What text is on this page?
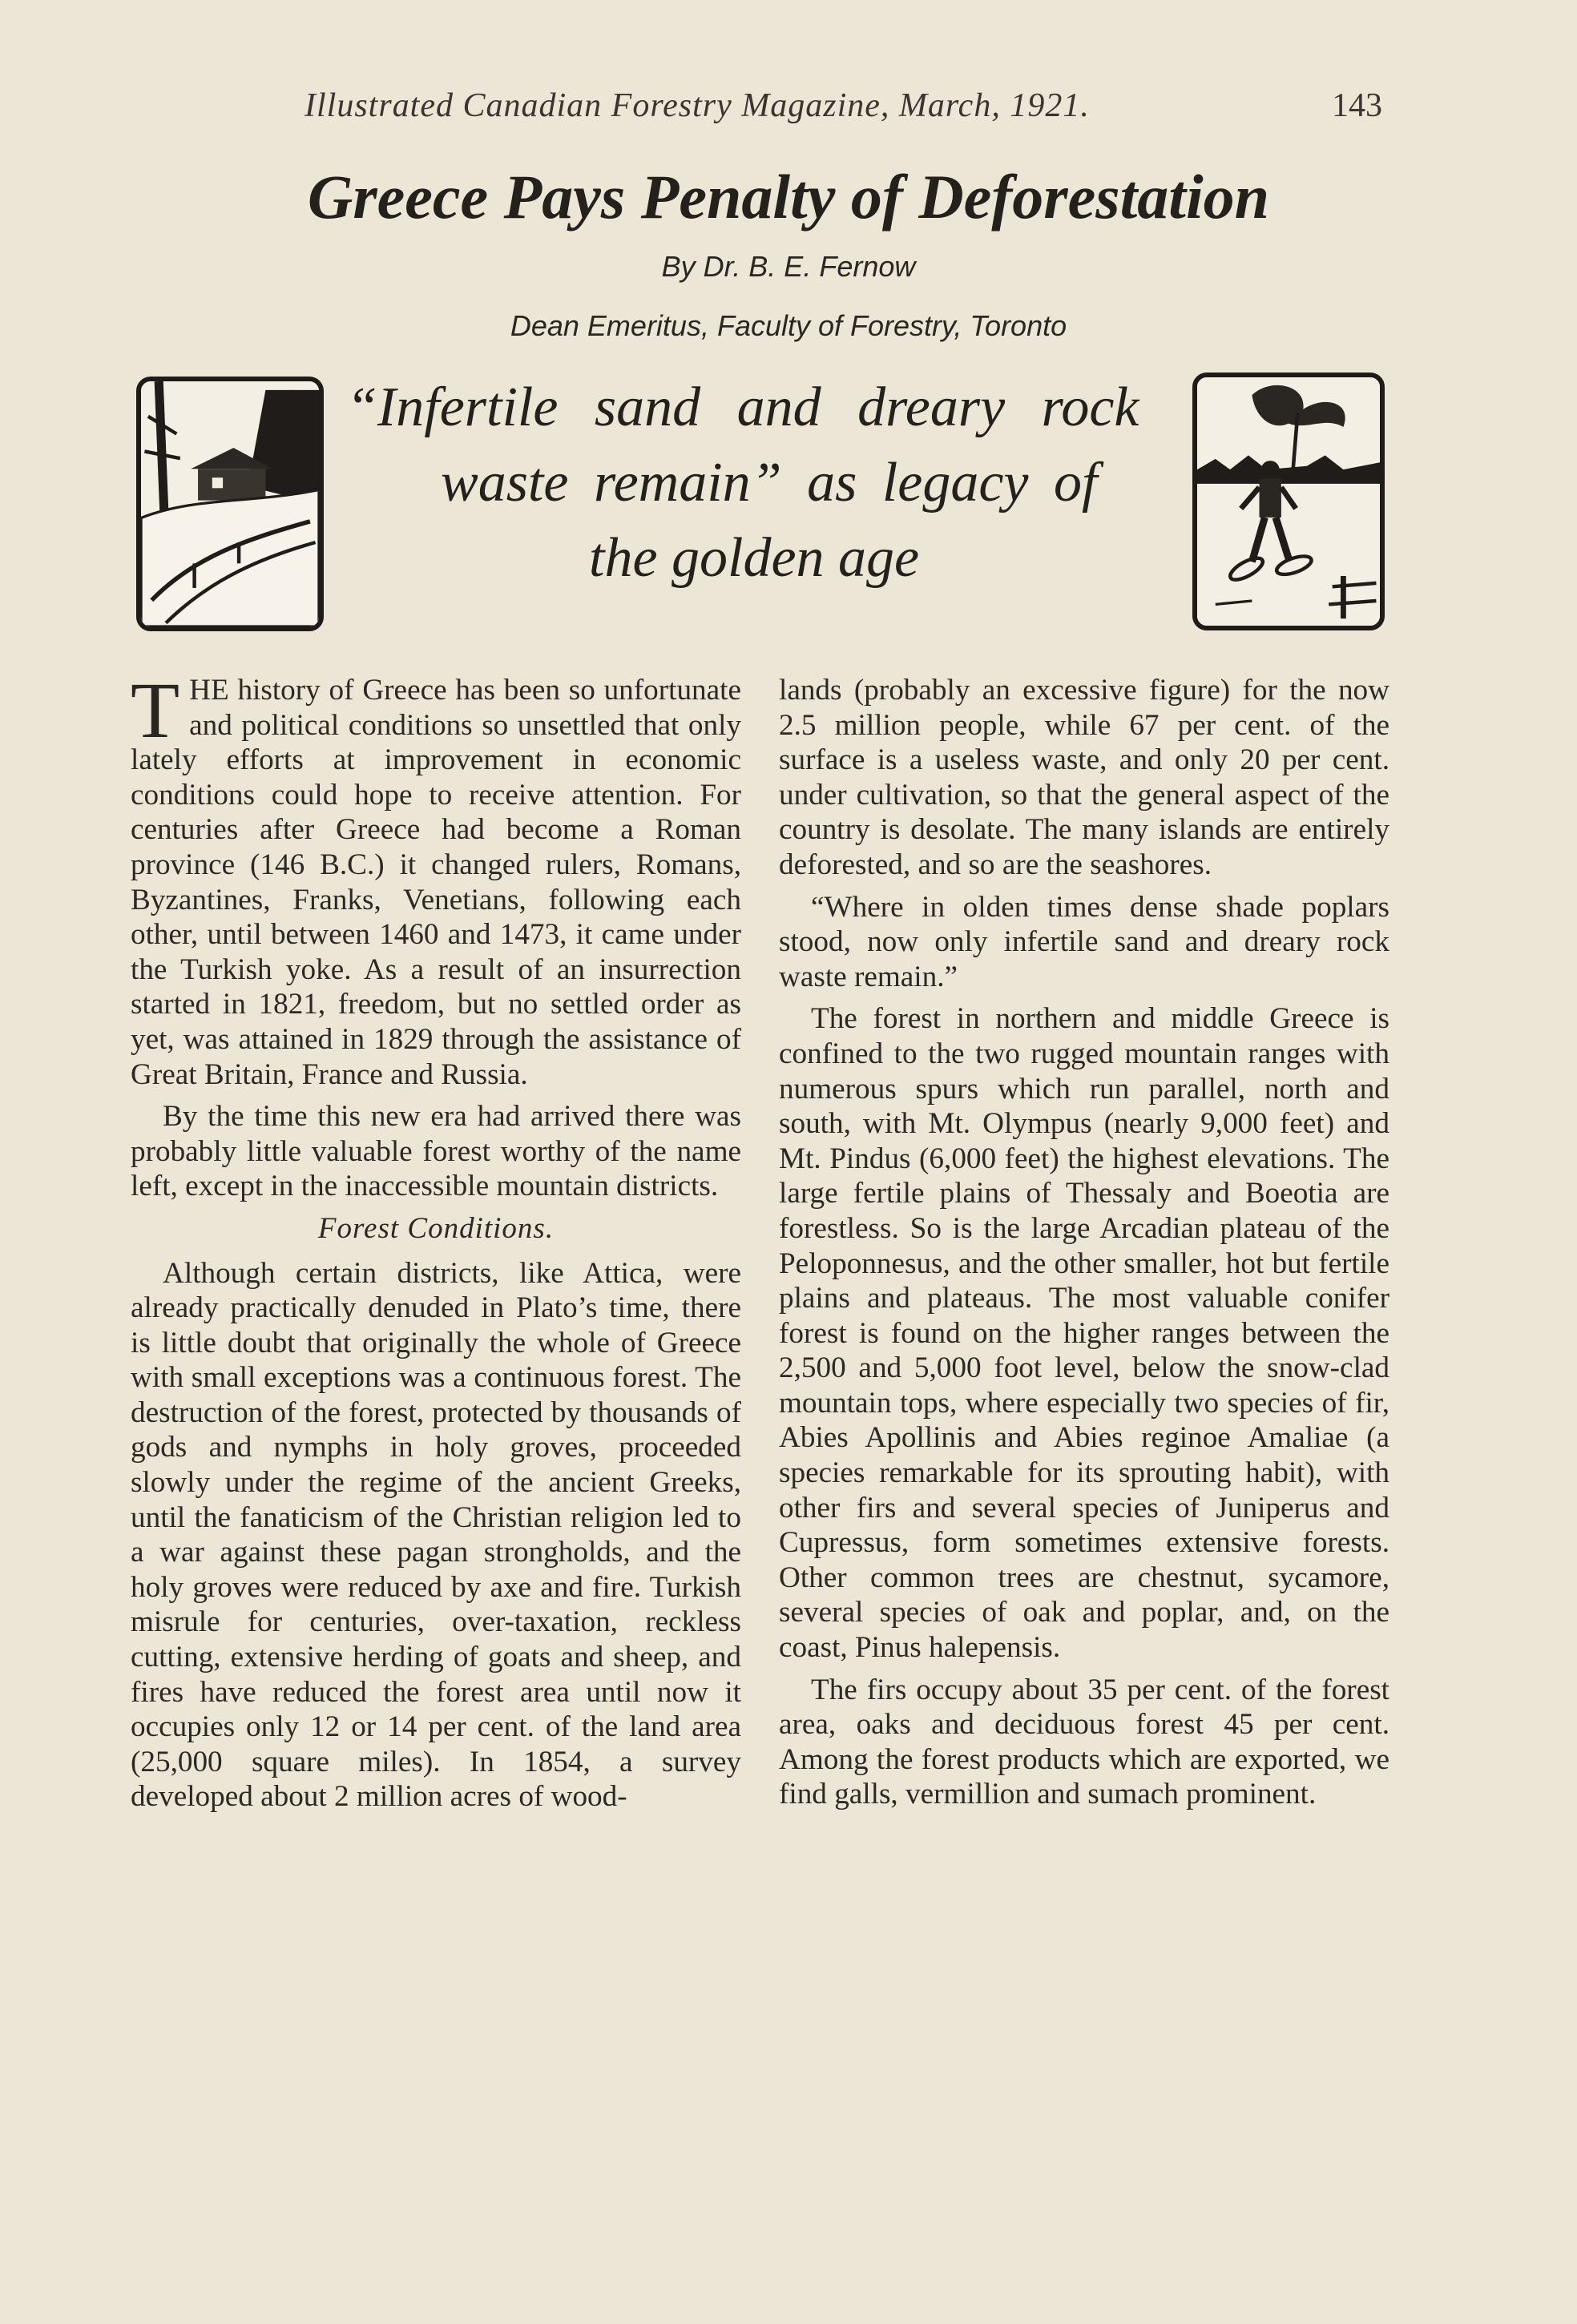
Illustrated Canadian Forestry Magazine, March, 1921.	143
Greece Pays Penalty of Deforestation
By Dr. B. E. Fernow
Dean Emeritus, Faculty of Forestry, Toronto
“Infertile sand and dreary rock
waste remain” as legacy of
the golden age

THE history of Greece has been so unfortunate and political conditions so unsettled that only lately efforts at improvement in economic conditions could hope to receive attention. For centuries after Greece had become a Roman province (146 B.C.) it changed rulers, Romans, Byzantines, Franks, Venetians, following each other, until between 1460 and 1473, it came under the Turkish yoke. As a result of an insurrection started in 1821, freedom, but no settled order as yet, was attained in 1829 through the assistance of Great Britain, France and Russia.

By the time this new era had arrived there was probably little valuable forest worthy of the name left, except in the inaccessible mountain districts.

Forest Conditions.

Although certain districts, like Attica, were already practically denuded in Plato’s time, there is little doubt that originally the whole of Greece with small exceptions was a continuous forest. The destruction of the forest, protected by thousands of gods and nymphs in holy groves, proceeded slowly under the regime of the ancient Greeks, until the fanaticism of the Christian religion led to a war against these pagan strongholds, and the holy groves were reduced by axe and fire. Turkish misrule for centuries, over-taxation, reckless cutting, extensive herding of goats and sheep, and fires have reduced the forest area until now it occupies only 12 or 14 per cent. of the land area (25,000 square miles). In 1854, a survey developed about 2 million acres of wood-

lands (probably an excessive figure) for the now 2.5 million people, while 67 per cent. of the surface is a useless waste, and only 20 per cent. under cultivation, so that the general aspect of the country is desolate. The many islands are entirely deforested, and so are the seashores.

“Where in olden times dense shade poplars stood, now only infertile sand and dreary rock waste remain.”

The forest in northern and middle Greece is confined to the two rugged mountain ranges with numerous spurs which run parallel, north and south, with Mt. Olympus (nearly 9,000 feet) and Mt. Pindus (6,000 feet) the highest elevations. The large fertile plains of Thessaly and Boeotia are forestless. So is the large Arcadian plateau of the Peloponnesus, and the other smaller, hot but fertile plains and plateaus. The most valuable conifer forest is found on the higher ranges between the 2,500 and 5,000 foot level, below the snow-clad mountain tops, where especially two species of fir, Abies Apollinis and Abies reginoe Amaliae (a species remarkable for its sprouting habit), with other firs and several species of Juniperus and Cupressus, form sometimes extensive forests. Other common trees are chestnut, sycamore, several species of oak and poplar, and, on the coast, Pinus halepensis.

The firs occupy about 35 per cent. of the forest area, oaks and deciduous forest 45 per cent. Among the forest products which are exported, we find galls, vermillion and sumach prominent.
